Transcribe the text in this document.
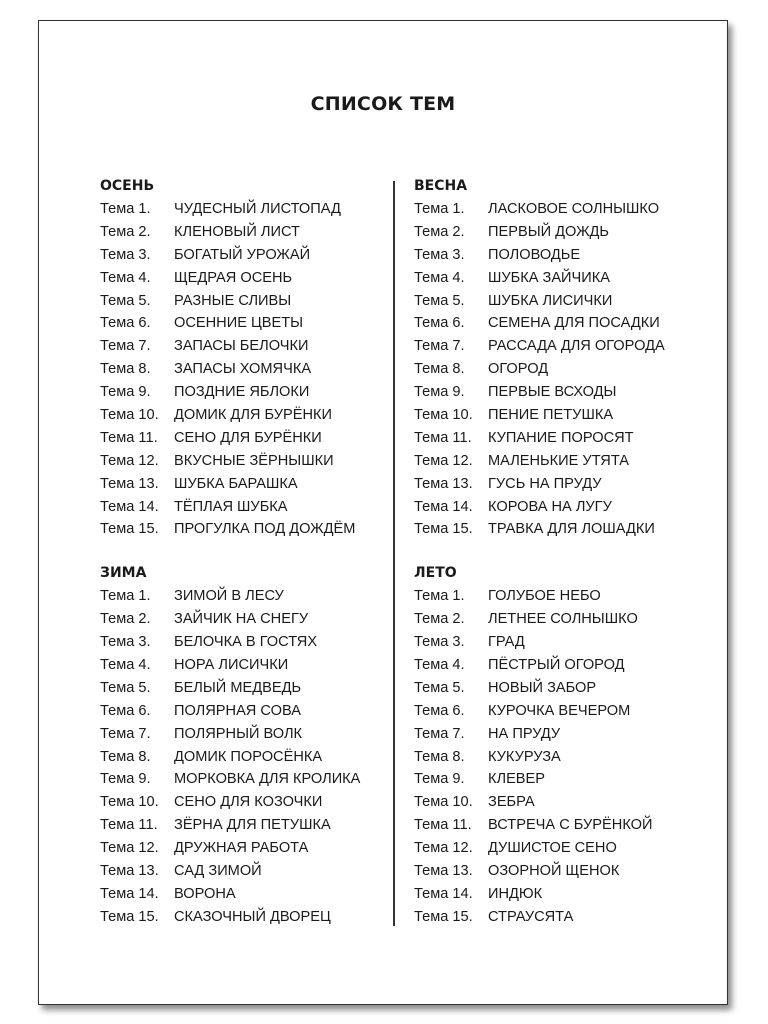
СПИСОК ТЕМ
ОСЕНЬ
Тема 1.	ЧУДЕСНЫЙ ЛИСТОПАД
Тема 2.	КЛЕНОВЫЙ ЛИСТ
Тема 3.	БОГАТЫЙ УРОЖАЙ
Тема 4.	ЩЕДРАЯ ОСЕНЬ
Тема 5.	РАЗНЫЕ СЛИВЫ
Тема 6.	ОСЕННИЕ ЦВЕТЫ
Тема 7.	ЗАПАСЫ БЕЛОЧКИ
Тема 8.	ЗАПАСЫ ХОМЯЧКА
Тема 9.	ПОЗДНИЕ ЯБЛОКИ
Тема 10.	ДОМИК ДЛЯ БУРЁНКИ
Тема 11.	СЕНО ДЛЯ БУРЁНКИ
Тема 12.	ВКУСНЫЕ ЗЁРНЫШКИ
Тема 13.	ШУБКА БАРАШКА
Тема 14.	ТЁПЛАЯ ШУБКА
Тема 15.	ПРОГУЛКА ПОД ДОЖДЁМ
ЗИМА
Тема 1.	ЗИМОЙ В ЛЕСУ
Тема 2.	ЗАЙЧИК НА СНЕГУ
Тема 3.	БЕЛОЧКА В ГОСТЯХ
Тема 4.	НОРА ЛИСИЧКИ
Тема 5.	БЕЛЫЙ МЕДВЕДЬ
Тема 6.	ПОЛЯРНАЯ СОВА
Тема 7.	ПОЛЯРНЫЙ ВОЛК
Тема 8.	ДОМИК ПОРОСЁНКА
Тема 9.	МОРКОВКА ДЛЯ КРОЛИКА
Тема 10.	СЕНО ДЛЯ КОЗОЧКИ
Тема 11.	ЗЁРНА ДЛЯ ПЕТУШКА
Тема 12.	ДРУЖНАЯ РАБОТА
Тема 13.	САД ЗИМОЙ
Тема 14.	ВОРОНА
Тема 15.	СКАЗОЧНЫЙ ДВОРЕЦ
ВЕСНА
Тема 1.	ЛАСКОВОЕ СОЛНЫШКО
Тема 2.	ПЕРВЫЙ ДОЖДЬ
Тема 3.	ПОЛОВОДЬЕ
Тема 4.	ШУБКА ЗАЙЧИКА
Тема 5.	ШУБКА ЛИСИЧКИ
Тема 6.	СЕМЕНА ДЛЯ ПОСАДКИ
Тема 7.	РАССАДА ДЛЯ ОГОРОДА
Тема 8.	ОГОРОД
Тема 9.	ПЕРВЫЕ ВСХОДЫ
Тема 10.	ПЕНИЕ ПЕТУШКА
Тема 11.	КУПАНИЕ ПОРОСЯТ
Тема 12.	МАЛЕНЬКИЕ УТЯТА
Тема 13.	ГУСЬ НА ПРУДУ
Тема 14.	КОРОВА НА ЛУГУ
Тема 15.	ТРАВКА ДЛЯ ЛОШАДКИ
ЛЕТО
Тема 1.	ГОЛУБОЕ НЕБО
Тема 2.	ЛЕТНЕЕ СОЛНЫШКО
Тема 3.	ГРАД
Тема 4.	ПЁСТРЫЙ ОГОРОД
Тема 5.	НОВЫЙ ЗАБОР
Тема 6.	КУРОЧКА ВЕЧЕРОМ
Тема 7.	НА ПРУДУ
Тема 8.	КУКУРУЗА
Тема 9.	КЛЕВЕР
Тема 10.	ЗЕБРА
Тема 11.	ВСТРЕЧА С БУРЁНКОЙ
Тема 12.	ДУШИСТОЕ СЕНО
Тема 13.	ОЗОРНОЙ ЩЕНОК
Тема 14.	ИНДЮК
Тема 15.	СТРАУСЯТА
